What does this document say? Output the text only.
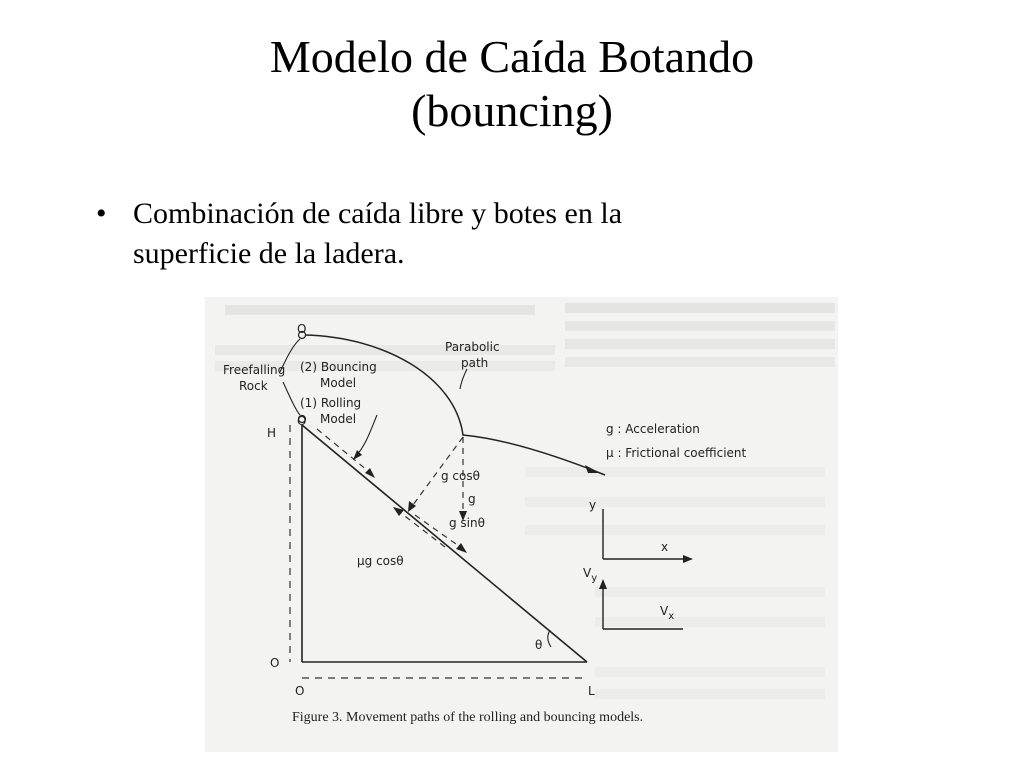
Modelo de Caída Botando
(bouncing)
• Combinación de caída libre y botes en la
superficie de la ladera.
Freefalling
Rock
O
(2) Bouncing
Model
(1) Rolling
Model
O
Parabolic
path
H
O
O	L
g cosθ
g
g sinθ
μg cosθ
θ
g : Acceleration
μ : Frictional coefficient
y
x
$V_y$
$V_x$
Figure 3. Movement paths of the rolling and bouncing models.
